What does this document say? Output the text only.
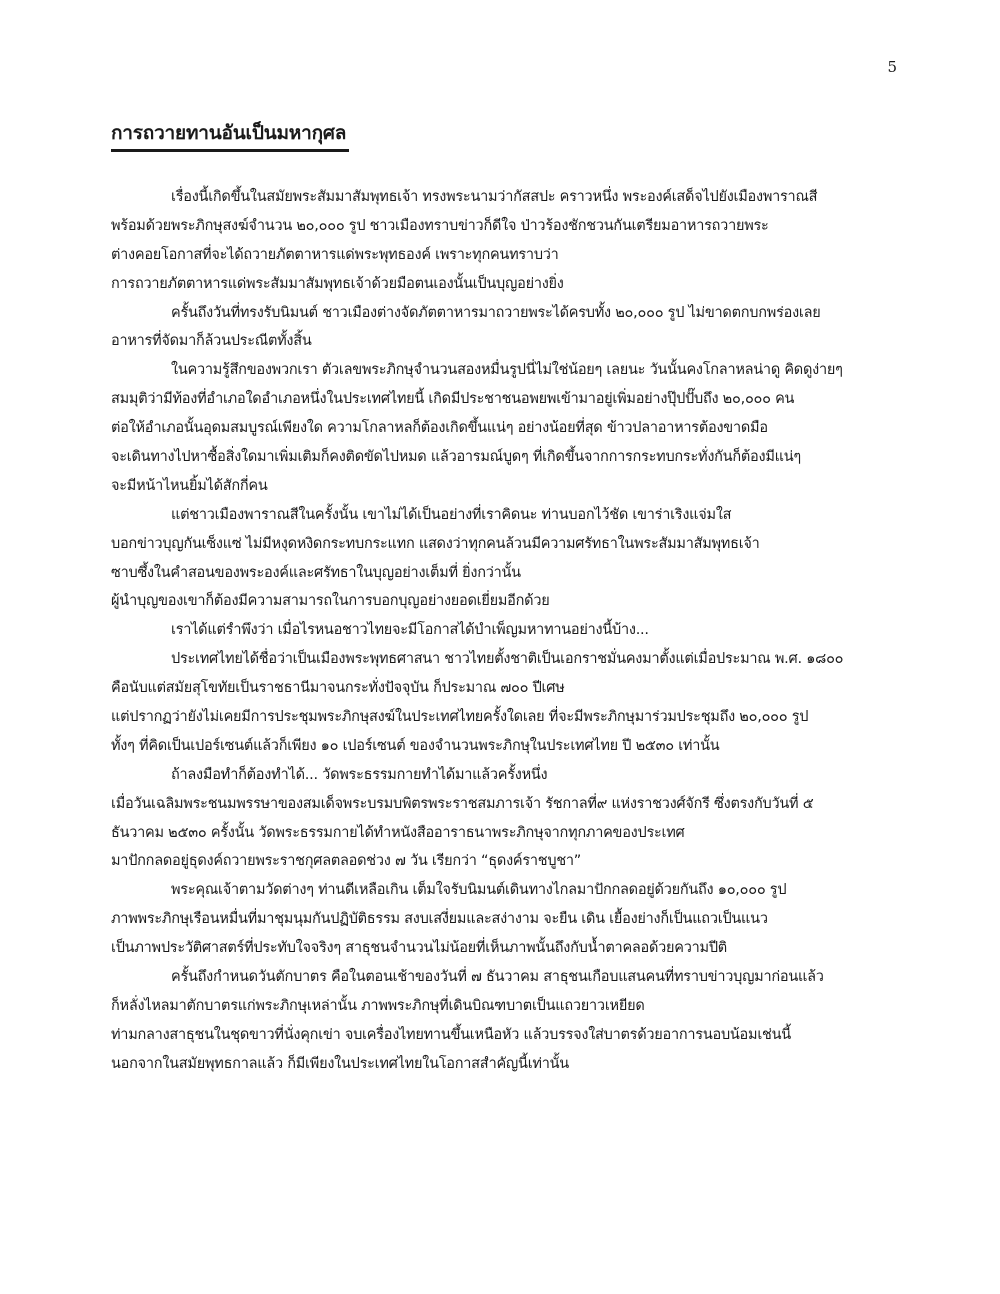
5
การถวายทานอันเป็นมหากุศล
เรื่องนี้เกิดขึ้นในสมัยพระสัมมาสัมพุทธเจ้า ทรงพระนามว่ากัสสปะ คราวหนึ่ง พระองค์เสด็จไปยังเมืองพาราณสี
พร้อมด้วยพระภิกษุสงฆ์จำนวน ๒๐,๐๐๐ รูป ชาวเมืองทราบข่าวก็ดีใจ ป่าวร้องชักชวนกันเตรียมอาหารถวายพระ
ต่างคอยโอกาสที่จะได้ถวายภัตตาหารแด่พระพุทธองค์ เพราะทุกคนทราบว่า
การถวายภัตตาหารแด่พระสัมมาสัมพุทธเจ้าด้วยมือตนเองนั้นเป็นบุญอย่างยิ่ง
ครั้นถึงวันที่ทรงรับนิมนต์ ชาวเมืองต่างจัดภัตตาหารมาถวายพระได้ครบทั้ง ๒๐,๐๐๐ รูป ไม่ขาดตกบกพร่องเลย
อาหารที่จัดมาก็ล้วนประณีตทั้งสิ้น
ในความรู้สึกของพวกเรา ตัวเลขพระภิกษุจำนวนสองหมื่นรูปนี่ไม่ใช่น้อยๆ เลยนะ วันนั้นคงโกลาหลน่าดู คิดดูง่ายๆ
สมมุติว่ามีท้องที่อำเภอใดอำเภอหนึ่งในประเทศไทยนี้ เกิดมีประชาชนอพยพเข้ามาอยู่เพิ่มอย่างปุ๊ปปั๊บถึง ๒๐,๐๐๐ คน
ต่อให้อำเภอนั้นอุดมสมบูรณ์เพียงใด ความโกลาหลก็ต้องเกิดขึ้นแน่ๆ อย่างน้อยที่สุด ข้าวปลาอาหารต้องขาดมือ
จะเดินทางไปหาซื้อสิ่งใดมาเพิ่มเติมก็คงติดขัดไปหมด แล้วอารมณ์บูดๆ ที่เกิดขึ้นจากการกระทบกระทั่งกันก็ต้องมีแน่ๆ
จะมีหน้าไหนยิ้มได้สักกี่คน
แต่ชาวเมืองพาราณสีในครั้งนั้น เขาไม่ได้เป็นอย่างที่เราคิดนะ ท่านบอกไว้ชัด เขาร่าเริงแจ่มใส
บอกข่าวบุญกันเซ็งแซ่ ไม่มีหงุดหงิดกระทบกระแทก แสดงว่าทุกคนล้วนมีความศรัทธาในพระสัมมาสัมพุทธเจ้า
ซาบซึ้งในคำสอนของพระองค์และศรัทธาในบุญอย่างเต็มที่ ยิ่งกว่านั้น
ผู้นำบุญของเขาก็ต้องมีความสามารถในการบอกบุญอย่างยอดเยี่ยมอีกด้วย
เราได้แต่รำพึงว่า เมื่อไรหนอชาวไทยจะมีโอกาสได้บำเพ็ญมหาทานอย่างนี้บ้าง...
ประเทศไทยได้ชื่อว่าเป็นเมืองพระพุทธศาสนา ชาวไทยตั้งชาติเป็นเอกราชมั่นคงมาตั้งแต่เมื่อประมาณ พ.ศ. ๑๘๐๐
คือนับแต่สมัยสุโขทัยเป็นราชธานีมาจนกระทั่งปัจจุบัน ก็ประมาณ ๗๐๐ ปีเศษ
แต่ปรากฏว่ายังไม่เคยมีการประชุมพระภิกษุสงฆ์ในประเทศไทยครั้งใดเลย ที่จะมีพระภิกษุมาร่วมประชุมถึง ๒๐,๐๐๐ รูป
ทั้งๆ ที่คิดเป็นเปอร์เซนต์แล้วก็เพียง ๑๐ เปอร์เซนต์ ของจำนวนพระภิกษุในประเทศไทย ปี ๒๕๓๐ เท่านั้น
ถ้าลงมือทำก็ต้องทำได้... วัดพระธรรมกายทำได้มาแล้วครั้งหนึ่ง
เมื่อวันเฉลิมพระชนมพรรษาของสมเด็จพระบรมบพิตรพระราชสมภารเจ้า รัชกาลที่๙ แห่งราชวงศ์จักรี ซึ่งตรงกับวันที่ ๕
ธันวาคม ๒๕๓๐ ครั้งนั้น วัดพระธรรมกายได้ทำหนังสืออาราธนาพระภิกษุจากทุกภาคของประเทศ
มาปักกลดอยู่ธุดงค์ถวายพระราชกุศลตลอดช่วง ๗ วัน เรียกว่า “ธุดงค์ราชบูชา”
พระคุณเจ้าตามวัดต่างๆ ท่านดีเหลือเกิน เต็มใจรับนิมนต์เดินทางไกลมาปักกลดอยู่ด้วยกันถึง ๑๐,๐๐๐ รูป
ภาพพระภิกษุเรือนหมื่นที่มาชุมนุมกันปฏิบัติธรรม สงบเสงี่ยมและสง่างาม จะยืน เดิน เยื้องย่างก็เป็นแถวเป็นแนว
เป็นภาพประวัติศาสตร์ที่ประทับใจจริงๆ สาธุชนจำนวนไม่น้อยที่เห็นภาพนั้นถึงกับน้ำตาคลอด้วยความปีติ
ครั้นถึงกำหนดวันตักบาตร คือในตอนเช้าของวันที่ ๗ ธันวาคม สาธุชนเกือบแสนคนที่ทราบข่าวบุญมาก่อนแล้ว
ก็หลั่งไหลมาตักบาตรแก่พระภิกษุเหล่านั้น ภาพพระภิกษุที่เดินบิณฑบาตเป็นแถวยาวเหยียด
ท่ามกลางสาธุชนในชุดขาวที่นั่งคุกเข่า จบเครื่องไทยทานขึ้นเหนือหัว แล้วบรรจงใส่บาตรด้วยอาการนอบน้อมเช่นนี้
นอกจากในสมัยพุทธกาลแล้ว ก็มีเพียงในประเทศไทยในโอกาสสำคัญนี้เท่านั้น
